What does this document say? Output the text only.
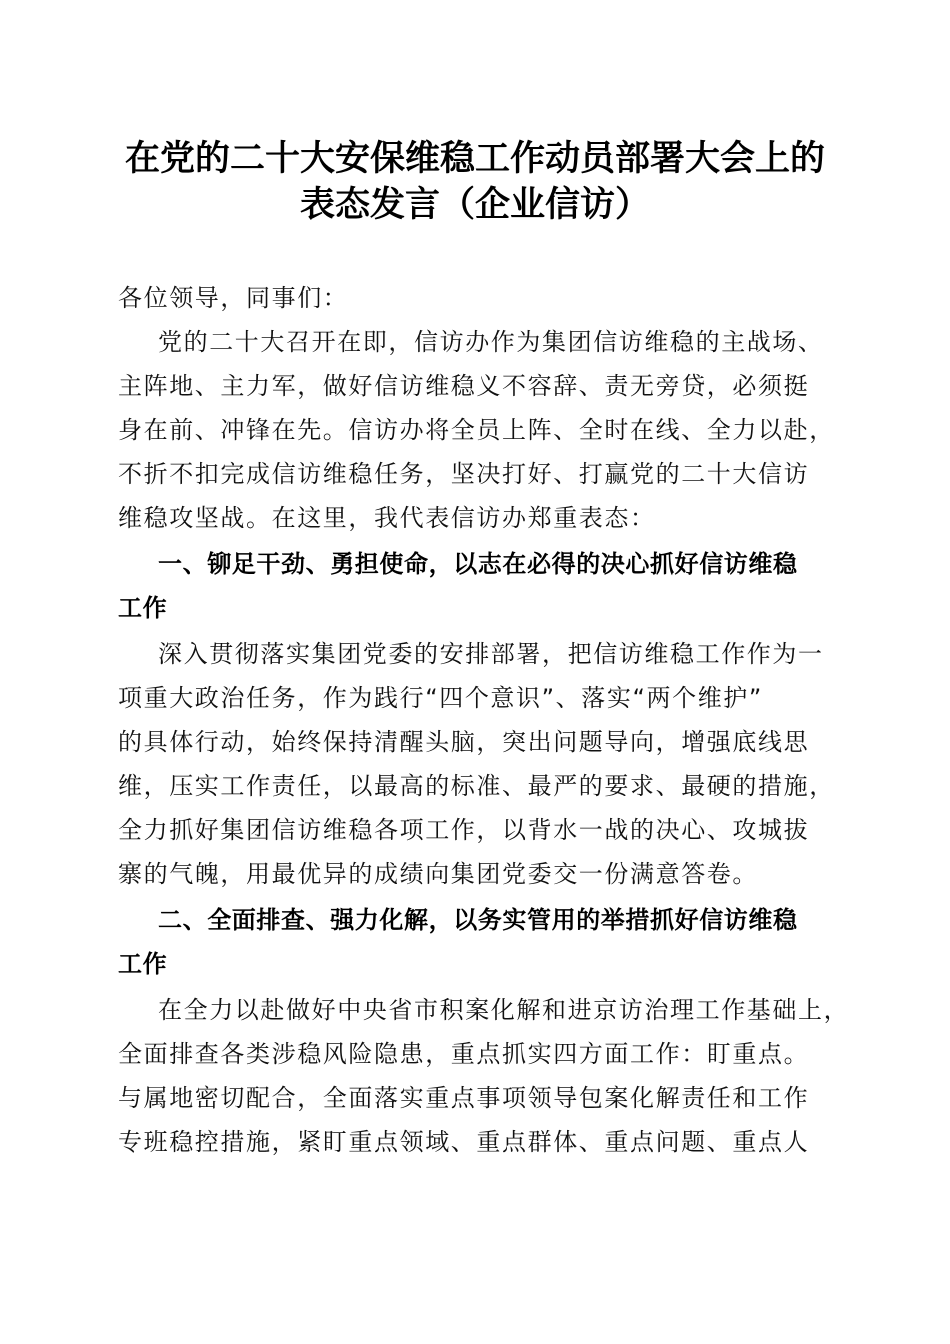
在党的二十大安保维稳工作动员部署大会上的
表态发言（企业信访）
各位领导，同事们：
党的二十大召开在即，信访办作为集团信访维稳的主战场、
主阵地、主力军，做好信访维稳义不容辞、责无旁贷，必须挺
身在前、冲锋在先。信访办将全员上阵、全时在线、全力以赴，
不折不扣完成信访维稳任务，坚决打好、打赢党的二十大信访
维稳攻坚战。在这里，我代表信访办郑重表态：
一、铆足干劲、勇担使命，以志在必得的决心抓好信访维稳
工作
深入贯彻落实集团党委的安排部署，把信访维稳工作作为一
项重大政治任务，作为践行“四个意识”、落实“两个维护”
的具体行动，始终保持清醒头脑，突出问题导向，增强底线思
维，压实工作责任，以最高的标准、最严的要求、最硬的措施，
全力抓好集团信访维稳各项工作，以背水一战的决心、攻城拔
寨的气魄，用最优异的成绩向集团党委交一份满意答卷。
二、全面排查、强力化解，以务实管用的举措抓好信访维稳
工作
在全力以赴做好中央省市积案化解和进京访治理工作基础上，
全面排查各类涉稳风险隐患，重点抓实四方面工作：盯重点。
与属地密切配合，全面落实重点事项领导包案化解责任和工作
专班稳控措施，紧盯重点领域、重点群体、重点问题、重点人
